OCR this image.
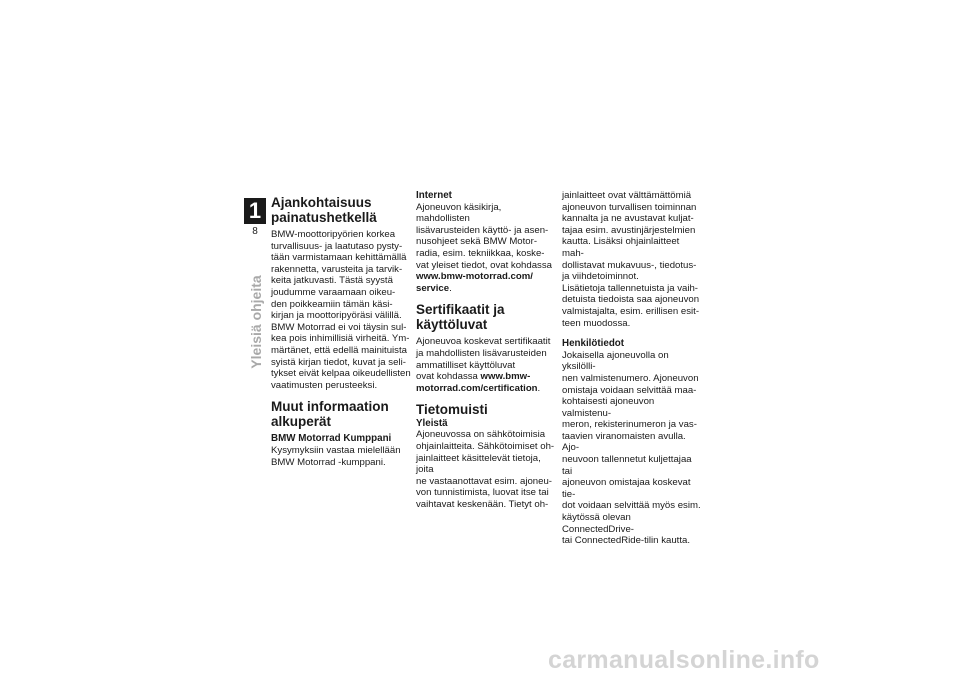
1
8
Yleisiä ohjeita
Ajankohtaisuus
painatushetkellä

BMW-moottoripyörien korkea
turvallisuus- ja laatutaso pysty-
tään varmistamaan kehittämällä
rakennetta, varusteita ja tarvik-
keita jatkuvasti. Tästä syystä
joudumme varaamaan oikeu-
den poikkeamiin tämän käsi-
kirjan ja moottoripyöräsi välillä.
BMW Motorrad ei voi täysin sul-
kea pois inhimillisiä virheitä. Ym-
märtänet, että edellä mainituista
syistä kirjan tiedot, kuvat ja seli-
tykset eivät kelpaa oikeudellisten
vaatimusten perusteeksi.

Muut informaation
alkuperät
BMW Motorrad Kumppani

Kysymyksiin vastaa mielellään
BMW Motorrad -kumppani.

Internet

Ajoneuvon käsikirja, mahdollisten
lisävarusteiden käyttö- ja asen-
nusohjeet sekä BMW Motor-
radia, esim. tekniikkaa, koske-
vat yleiset tiedot, ovat kohdassa
www.bmw-motorrad.com/
service.

Sertifikaatit ja
käyttöluvat

Ajoneuvoa koskevat sertifikaatit
ja mahdollisten lisävarusteiden
ammatilliset käyttöluvat
ovat kohdassa www.bmw-
motorrad.com/certification.

Tietomuisti
Yleistä

Ajoneuvossa on sähkötoimisia
ohjainlaitteita. Sähkötoimiset oh-
jainlaitteet käsittelevät tietoja, joita
ne vastaanottavat esim. ajoneu-
von tunnistimista, luovat itse tai
vaihtavat keskenään. Tietyt oh-

jainlaitteet ovat välttämättömiä
ajoneuvon turvallisen toiminnan
kannalta ja ne avustavat kuljat-
tajaa esim. avustinjärjestelmien
kautta. Lisäksi ohjainlaitteet mah-
dollistavat mukavuus-, tiedotus-
ja viihdetoiminnot.
Lisätietoja tallennetuista ja vaih-
detuista tiedoista saa ajoneuvon
valmistajalta, esim. erillisen esit-
teen muodossa.

Henkilötiedot

Jokaisella ajoneuvolla on yksilölli-
nen valmistenumero. Ajoneuvon
omistaja voidaan selvittää maa-
kohtaisesti ajoneuvon valmistenu-
meron, rekisterinumeron ja vas-
taavien viranomaisten avulla. Ajo-
neuvoon tallennetut kuljettajaa tai
ajoneuvon omistajaa koskevat tie-
dot voidaan selvittää myös esim.
käytössä olevan ConnectedDrive-
tai ConnectedRide-tilin kautta.

carmanualsonline.info
